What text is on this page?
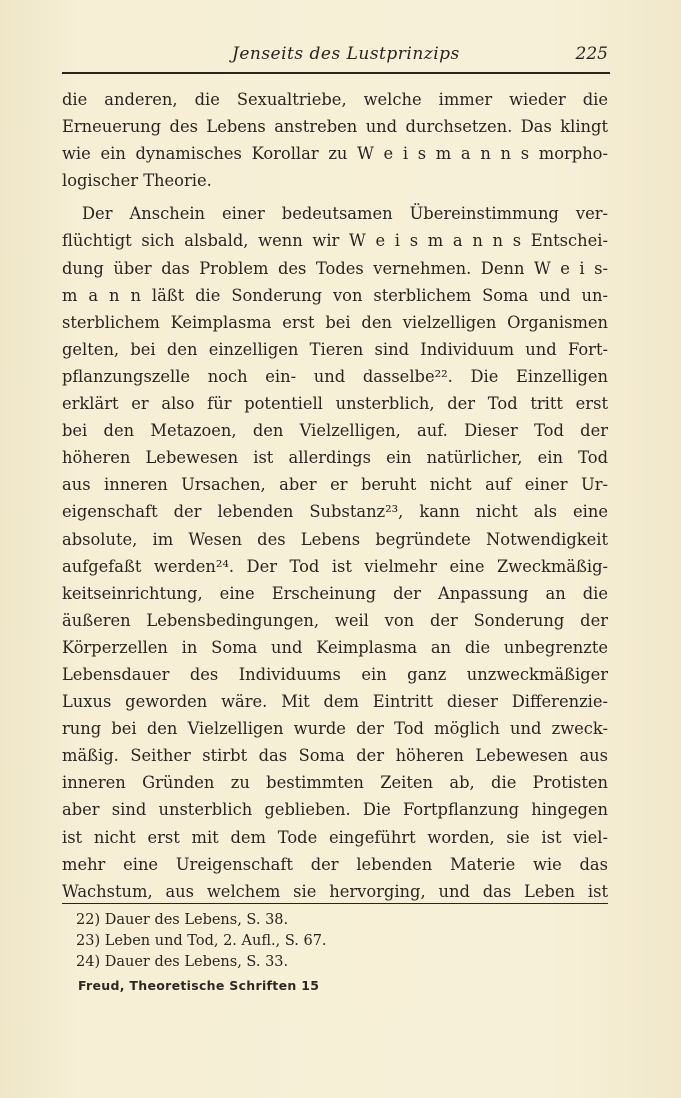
Jenseits des Lustprinzips	225
die anderen, die Sexualtriebe, welche immer wieder die
Erneuerung des Lebens anstreben und durchsetzen. Das klingt
wie ein dynamisches Korollar zu W e i s m a n n s morpho-
logischer Theorie.
Der Anschein einer bedeutsamen Übereinstimmung ver-
flüchtigt sich alsbald, wenn wir W e i s m a n n s Entschei-
dung über das Problem des Todes vernehmen. Denn W e i s-
m a n n läßt die Sonderung von sterblichem Soma und un-
sterblichem Keimplasma erst bei den vielzelligen Organismen
gelten, bei den einzelligen Tieren sind Individuum und Fort-
pflanzungszelle noch ein- und dasselbe²². Die Einzelligen
erklärt er also für potentiell unsterblich, der Tod tritt erst
bei den Metazoen, den Vielzelligen, auf. Dieser Tod der
höheren Lebewesen ist allerdings ein natürlicher, ein Tod
aus inneren Ursachen, aber er beruht nicht auf einer Ur-
eigenschaft der lebenden Substanz²³, kann nicht als eine
absolute, im Wesen des Lebens begründete Notwendigkeit
aufgefaßt werden²⁴. Der Tod ist vielmehr eine Zweckmäßig-
keitseinrichtung, eine Erscheinung der Anpassung an die
äußeren Lebensbedingungen, weil von der Sonderung der
Körperzellen in Soma und Keimplasma an die unbegrenzte
Lebensdauer des Individuums ein ganz unzweckmäßiger
Luxus geworden wäre. Mit dem Eintritt dieser Differenzie-
rung bei den Vielzelligen wurde der Tod möglich und zweck-
mäßig. Seither stirbt das Soma der höheren Lebewesen aus
inneren Gründen zu bestimmten Zeiten ab, die Protisten
aber sind unsterblich geblieben. Die Fortpflanzung hingegen
ist nicht erst mit dem Tode eingeführt worden, sie ist viel-
mehr eine Ureigenschaft der lebenden Materie wie das
Wachstum, aus welchem sie hervorging, und das Leben ist
22) Dauer des Lebens, S. 38.
23) Leben und Tod, 2. Aufl., S. 67.
24) Dauer des Lebens, S. 33.
Freud, Theoretische Schriften 15
